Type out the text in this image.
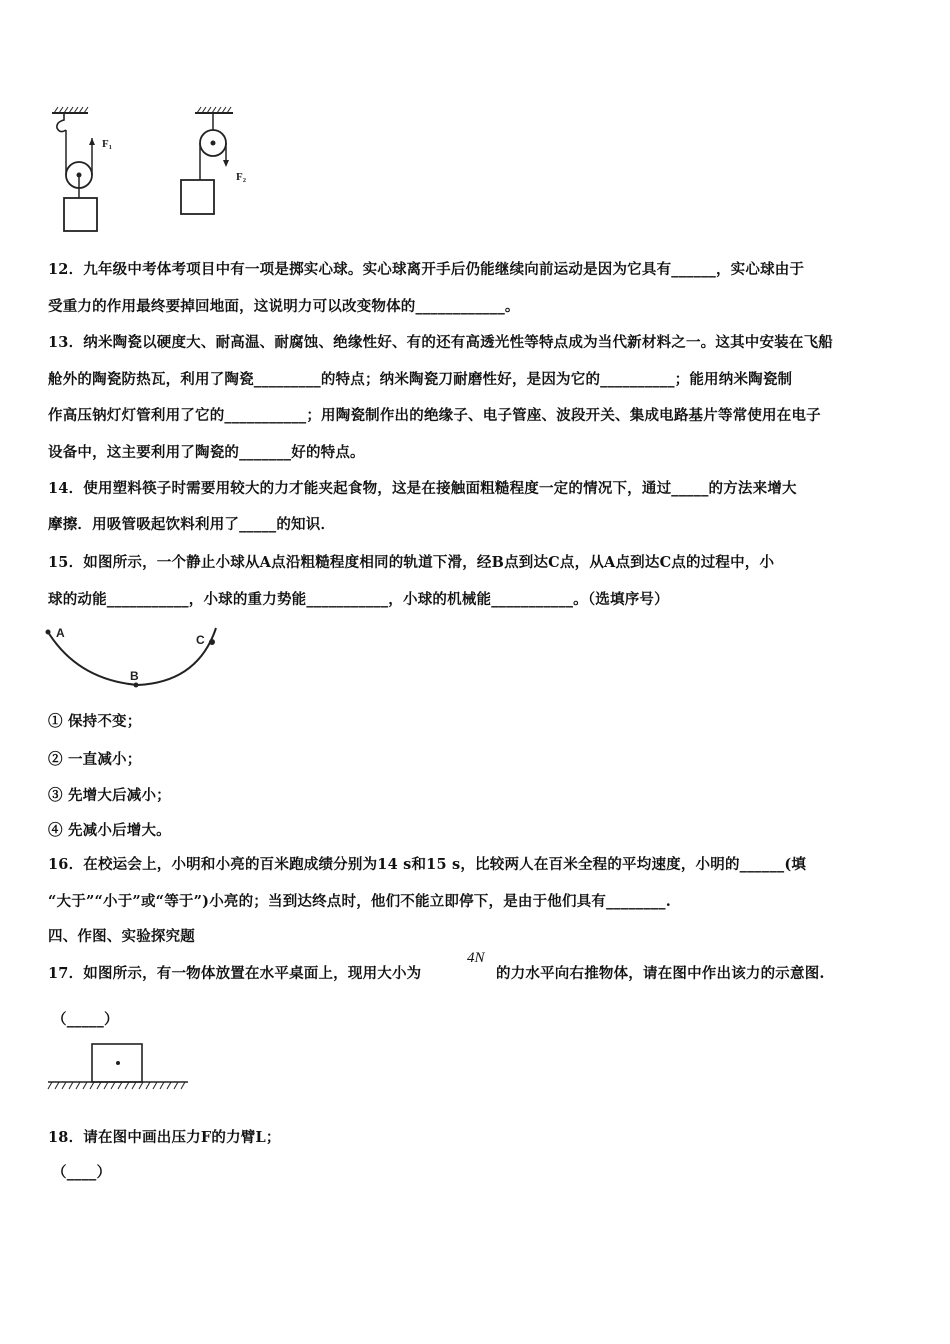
F₁
F₂
12．九年级中考体考项目中有一项是掷实心球。实心球离开手后仍能继续向前运动是因为它具有______，实心球由于
受重力的作用最终要掉回地面，这说明力可以改变物体的____________。
13．纳米陶瓷以硬度大、耐高温、耐腐蚀、绝缘性好、有的还有高透光性等特点成为当代新材料之一。这其中安装在飞船
舱外的陶瓷防热瓦，利用了陶瓷_________的特点；纳米陶瓷刀耐磨性好，是因为它的__________；能用纳米陶瓷制
作高压钠灯灯管利用了它的___________；用陶瓷制作出的绝缘子、电子管座、波段开关、集成电路基片等常使用在电子
设备中，这主要利用了陶瓷的_______好的特点。
14．使用塑料筷子时需要用较大的力才能夹起食物，这是在接触面粗糙程度一定的情况下，通过_____的方法来增大
摩擦．用吸管吸起饮料利用了_____的知识．
15．如图所示，一个静止小球从A点沿粗糙程度相同的轨道下滑，经B点到达C点，从A点到达C点的过程中，小
球的动能___________，小球的重力势能___________，小球的机械能___________。（选填序号）
A
B
C
① 保持不变；
② 一直减小；
③ 先增大后减小；
④ 先减小后增大。
16．在校运会上，小明和小亮的百米跑成绩分别为14 s和15 s，比较两人在百米全程的平均速度，小明的______(填
“大于”“小于”或“等于”)小亮的；当到达终点时，他们不能立即停下，是由于他们具有________.
四、作图、实验探究题
17．如图所示，有一物体放置在水平桌面上，现用大小为
4N
的力水平向右推物体，请在图中作出该力的示意图.
（_____）
18．请在图中画出压力F的力臂L；
（____）
